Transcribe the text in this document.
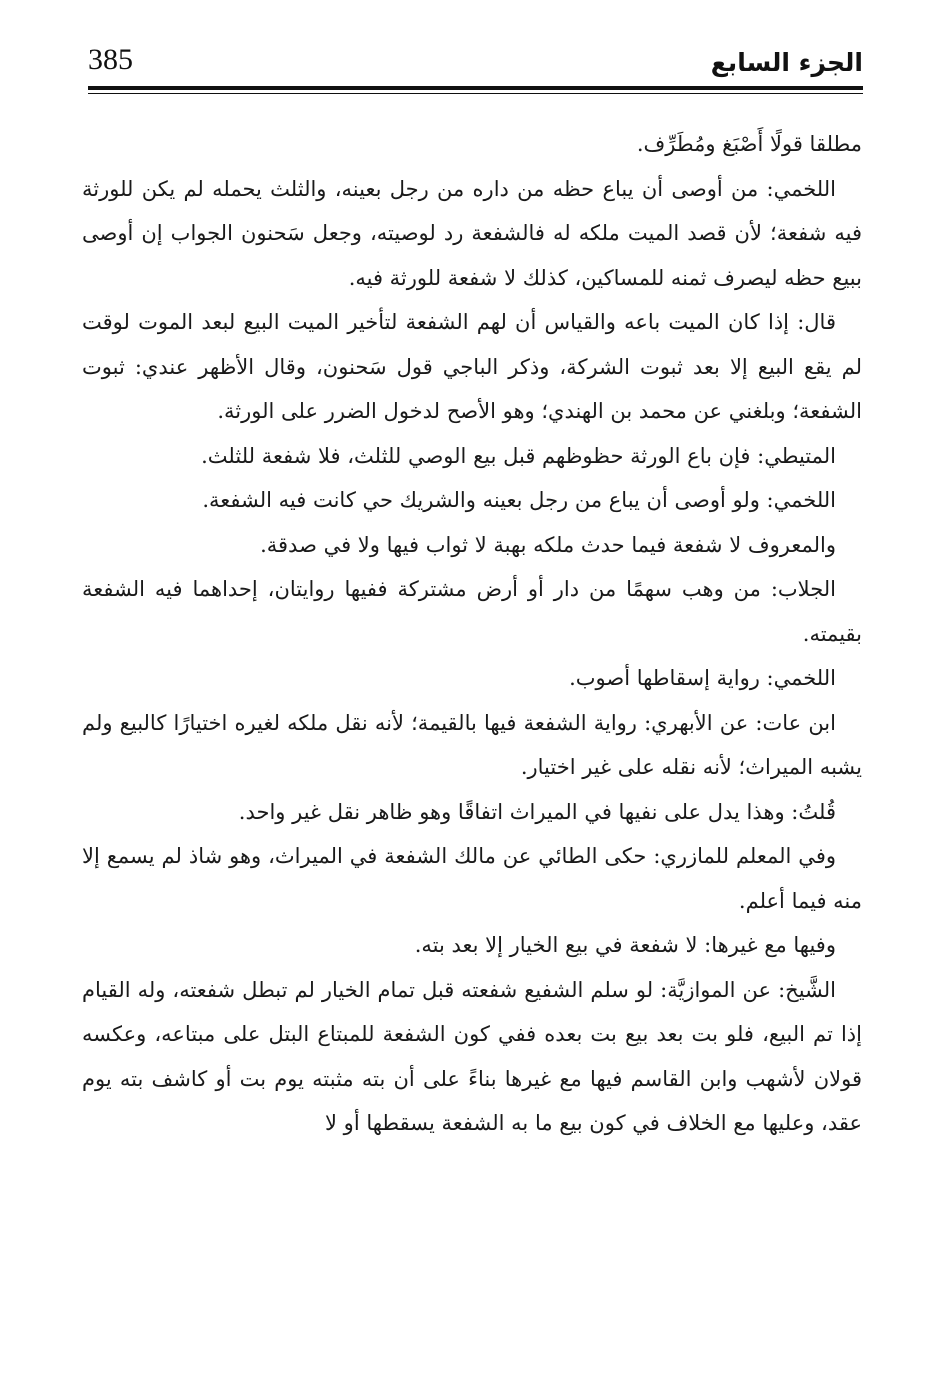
385	الجزء السابع

مطلقا قولًا أَصْبَغ ومُطَرِّف.

اللخمي: من أوصى أن يباع حظه من داره من رجل بعينه، والثلث يحمله لم يكن للورثة فيه شفعة؛ لأن قصد الميت ملكه له فالشفعة رد لوصيته، وجعل سَحنون الجواب إن أوصى ببيع حظه ليصرف ثمنه للمساكين، كذلك لا شفعة للورثة فيه.

قال: إذا كان الميت باعه والقياس أن لهم الشفعة لتأخير الميت البيع لبعد الموت لوقت لم يقع البيع إلا بعد ثبوت الشركة، وذكر الباجي قول سَحنون، وقال الأظهر عندي: ثبوت الشفعة؛ وبلغني عن محمد بن الهندي؛ وهو الأصح لدخول الضرر على الورثة.

المتيطي: فإن باع الورثة حظوظهم قبل بيع الوصي للثلث، فلا شفعة للثلث.

اللخمي: ولو أوصى أن يباع من رجل بعينه والشريك حي كانت فيه الشفعة.

والمعروف لا شفعة فيما حدث ملكه بهبة لا ثواب فيها ولا في صدقة.

الجلاب: من وهب سهمًا من دار أو أرض مشتركة ففيها روايتان، إحداهما فيه الشفعة بقيمته.

اللخمي: رواية إسقاطها أصوب.

ابن عات: عن الأبهري: رواية الشفعة فيها بالقيمة؛ لأنه نقل ملكه لغيره اختيارًا كالبيع ولم يشبه الميراث؛ لأنه نقله على غير اختيار.

قُلتُ: وهذا يدل على نفيها في الميراث اتفاقًا وهو ظاهر نقل غير واحد.

وفي المعلم للمازري: حكى الطائي عن مالك الشفعة في الميراث، وهو شاذ لم يسمع إلا منه فيما أعلم.

وفيها مع غيرها: لا شفعة في بيع الخيار إلا بعد بته.

الشَّيخ: عن الموازيَّة: لو سلم الشفيع شفعته قبل تمام الخيار لم تبطل شفعته، وله القيام إذا تم البيع، فلو بت بعد بيع بت بعده ففي كون الشفعة للمبتاع البتل على مبتاعه، وعكسه قولان لأشهب وابن القاسم فيها مع غيرها بناءً على أن بته مثبته يوم بت أو كاشف بته يوم عقد، وعليها مع الخلاف في كون بيع ما به الشفعة يسقطها أو لا
